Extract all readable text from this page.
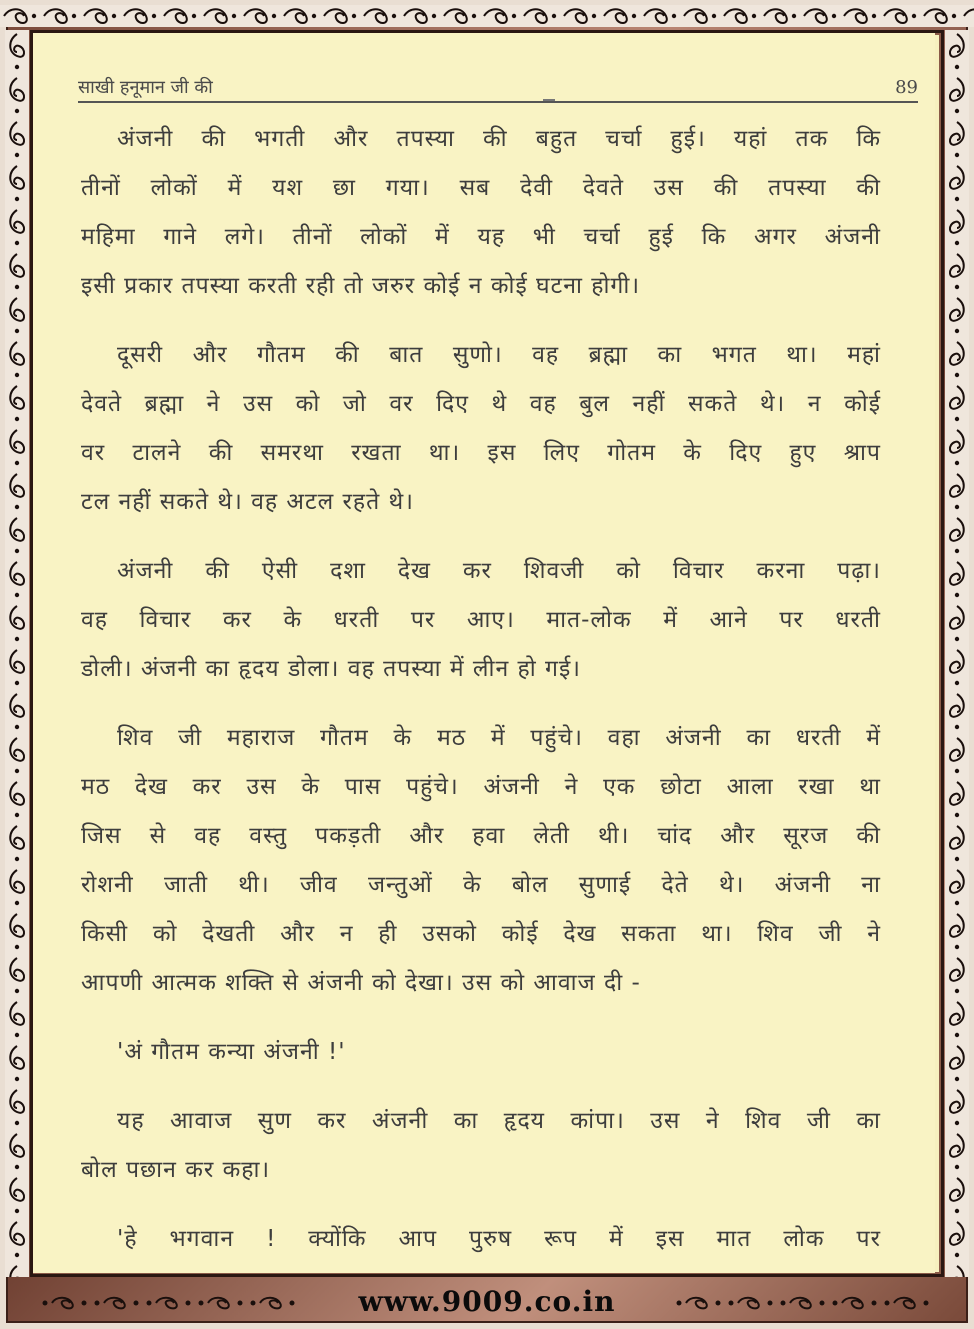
साखी हनूमान जी की	89
अंजनी की भगती और तपस्या की बहुत चर्चा हुई। यहां तक कि
तीनों लोकों में यश छा गया। सब देवी देवते उस की तपस्या की
महिमा गाने लगे। तीनों लोकों में यह भी चर्चा हुई कि अगर अंजनी
इसी प्रकार तपस्या करती रही तो जरुर कोई न कोई घटना होगी।
दूसरी और गौतम की बात सुणो। वह ब्रह्मा का भगत था। महां
देवते ब्रह्मा ने उस को जो वर दिए थे वह बुल नहीं सकते थे। न कोई
वर टालने की समरथा रखता था। इस लिए गोतम के दिए हुए श्राप
टल नहीं सकते थे। वह अटल रहते थे।
अंजनी की ऐसी दशा देख कर शिवजी को विचार करना पढ़ा।
वह विचार कर के धरती पर आए। मात-लोक में आने पर धरती
डोली। अंजनी का हृदय डोला। वह तपस्या में लीन हो गई।
शिव जी महाराज गौतम के मठ में पहुंचे। वहा अंजनी का धरती में
मठ देख कर उस के पास पहुंचे। अंजनी ने एक छोटा आला रखा था
जिस से वह वस्तु पकड़ती और हवा लेती थी। चांद और सूरज की
रोशनी जाती थी। जीव जन्तुओं के बोल सुणाई देते थे। अंजनी ना
किसी को देखती और न ही उसको कोई देख सकता था। शिव जी ने
आपणी आत्मक शक्ति से अंजनी को देखा। उस को आवाज दी -
'अं गौतम कन्या अंजनी !'
यह आवाज सुण कर अंजनी का हृदय कांपा। उस ने शिव जी का
बोल पछान कर कहा।
'हे भगवान ! क्योंकि आप पुरुष रूप में इस मात लोक पर
www.9009.co.in
